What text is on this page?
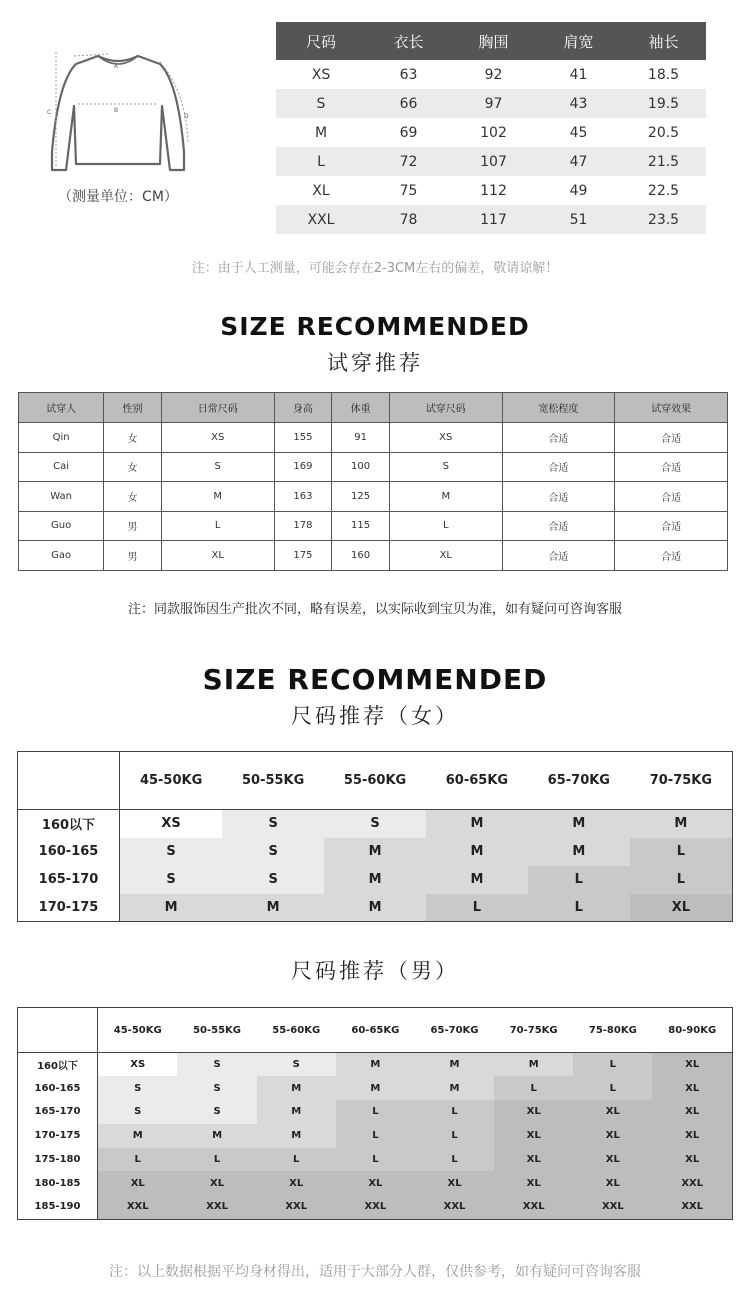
A
B
C
D
（测量单位：CM）
尺码	衣长	胸围	肩宽	袖长
XS	63	92	41	18.5
S	66	97	43	19.5
M	69	102	45	20.5
L	72	107	47	21.5
XL	75	112	49	22.5
XXL	78	117	51	23.5
注：由于人工测量，可能会存在2-3CM左右的偏差，敬请谅解！
SIZE RECOMMENDED
试穿推荐
试穿人	性别	日常尺码	身高	体重	试穿尺码	宽松程度	试穿效果
Qin	女	XS	155	91	XS	合适	合适
Cai	女	S	169	100	S	合适	合适
Wan	女	M	163	125	M	合适	合适
Guo	男	L	178	115	L	合适	合适
Gao	男	XL	175	160	XL	合适	合适
注：同款服饰因生产批次不同，略有误差，以实际收到宝贝为准，如有疑问可咨询客服
SIZE RECOMMENDED
尺码推荐（女）
	45-50KG	50-55KG	55-60KG	60-65KG	65-70KG	70-75KG
160以下	XS	S	S	M	M	M
160-165	S	S	M	M	M	L
165-170	S	S	M	M	L	L
170-175	M	M	M	L	L	XL
尺码推荐（男）
	45-50KG	50-55KG	55-60KG	60-65KG	65-70KG	70-75KG	75-80KG	80-90KG
160以下	XS	S	S	M	M	M	L	XL
160-165	S	S	M	M	M	L	L	XL
165-170	S	S	M	L	L	XL	XL	XL
170-175	M	M	M	L	L	XL	XL	XL
175-180	L	L	L	L	L	XL	XL	XL
180-185	XL	XL	XL	XL	XL	XL	XL	XXL
185-190	XXL	XXL	XXL	XXL	XXL	XXL	XXL	XXL
注：以上数据根据平均身材得出，适用于大部分人群，仅供参考，如有疑问可咨询客服
